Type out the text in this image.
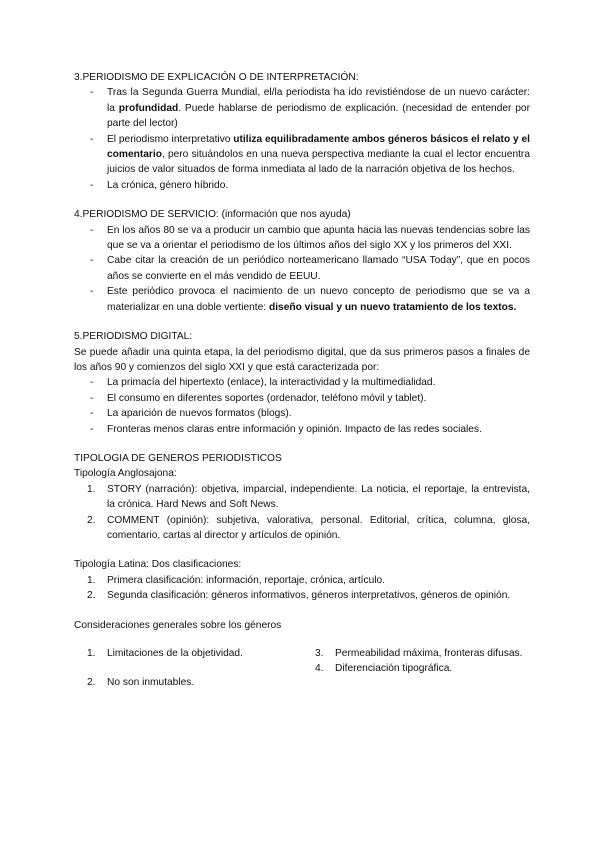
3.PERIODISMO DE EXPLICACIÓN O DE INTERPRETACIÓN:

- Tras la Segunda Guerra Mundial, el/la periodista ha ido revistiéndose de un nuevo carácter: la profundidad. Puede hablarse de periodismo de explicación. (necesidad de entender por parte del lector)
- El periodismo interpretativo utiliza equilibradamente ambos géneros básicos el relato y el comentario, pero situándolos en una nueva perspectiva mediante la cual el lector encuentra juicios de valor situados de forma inmediata al lado de la narración objetiva de los hechos.
- La crónica, género híbrido.

4.PERIODISMO DE SERVICIO: (información que nos ayuda)

- En los años 80 se va a producir un cambio que apunta hacia las nuevas tendencias sobre las que se va a orientar el periodismo de los últimos años del siglo XX y los primeros del XXI.
- Cabe citar la creación de un periódico norteamericano llamado “USA Today”, que en pocos años se convierte en el más vendido de EEUU.
- Este periódico provoca el nacimiento de un nuevo concepto de periodismo que se va a materializar en una doble vertiente: diseño visual y un nuevo tratamiento de los textos.

5.PERIODISMO DIGITAL:

Se puede añadir una quinta etapa, la del periodismo digital, que da sus primeros pasos a finales de los años 90 y comienzos del siglo XXI y que está caracterizada por:

- La primacía del hipertexto (enlace), la interactividad y la multimedialidad.
- El consumo en diferentes soportes (ordenador, teléfono móvil y tablet).
- La aparición de nuevos formatos (blogs).
- Fronteras menos claras entre información y opinión. Impacto de las redes sociales.

TIPOLOGIA DE GENEROS PERIODISTICOS

Tipología Anglosajona:

1. STORY (narración): objetiva, imparcial, independiente. La noticia, el reportaje, la entrevista, la crónica. Hard News and Soft News.
2. COMMENT (opinión): subjetiva, valorativa, personal. Editorial, crítica, columna, glosa, comentario, cartas al director y artículos de opinión.

Tipología Latina: Dos clasificaciones:

1. Primera clasificación: información, reportaje, crónica, artículo.
2. Segunda clasificación: géneros informativos, géneros interpretativos, géneros de opinión.

Consideraciones generales sobre los géneros

1. Limitaciones de la objetividad.
2. No son inmutables.
3. Permeabilidad máxima, fronteras difusas.
4. Diferenciación tipográfica.
